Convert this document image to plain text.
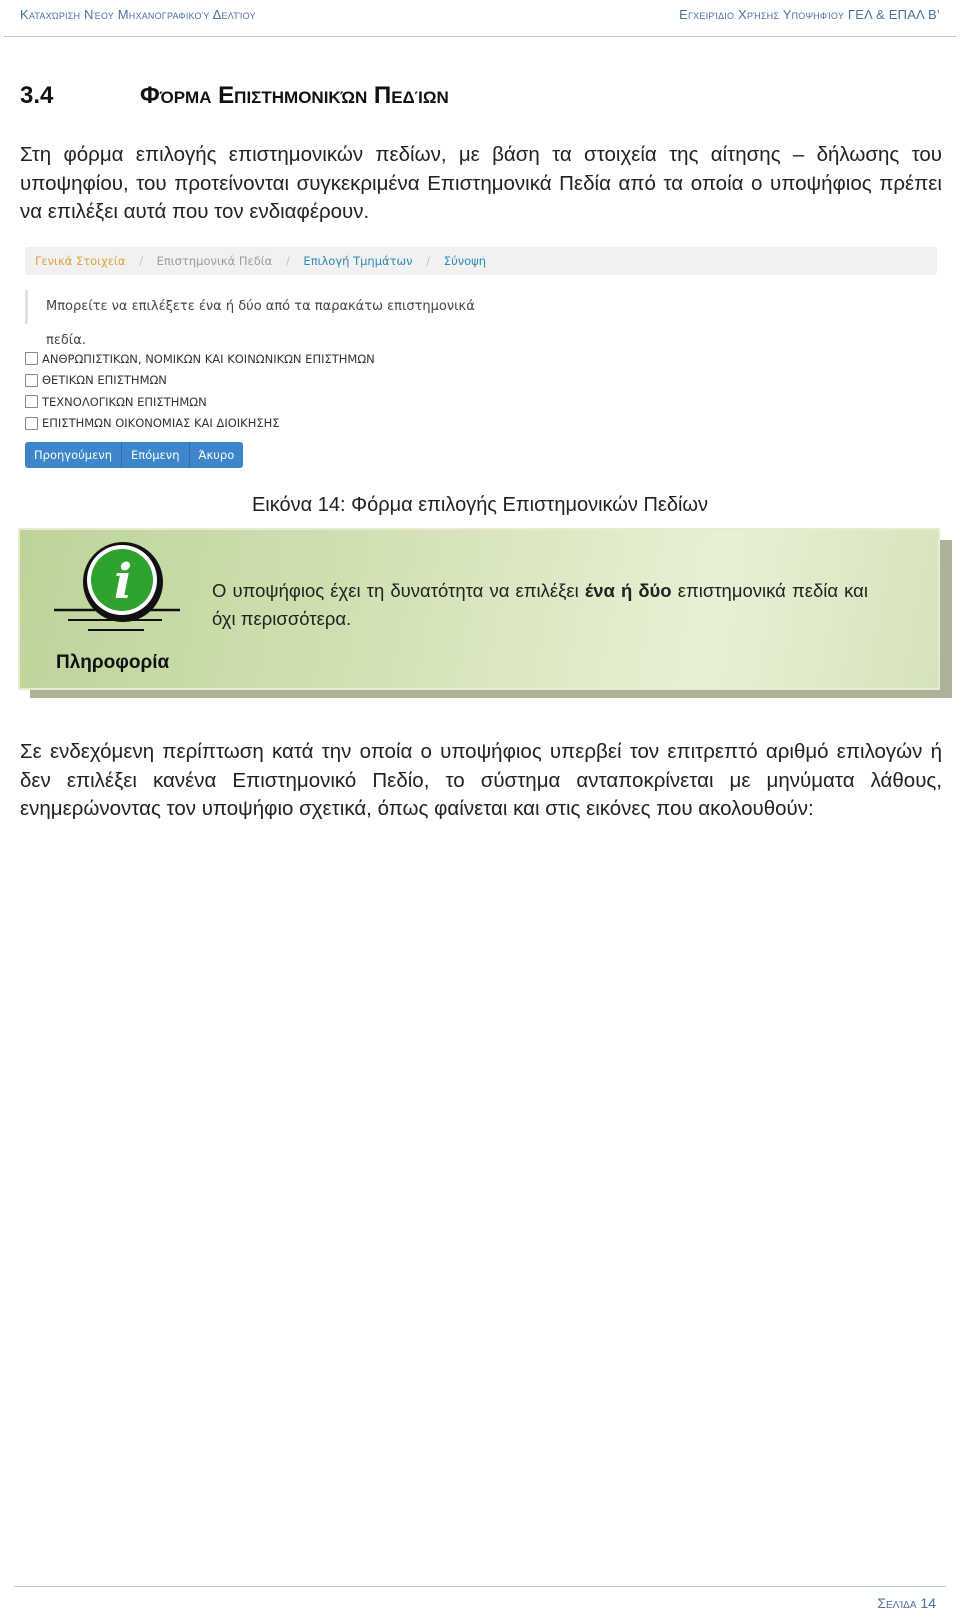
Καταχώριση Νέου Μηχανογραφικού Δελτίου	Εγχειρίδιο Χρήσης Υποψηφίου ΓΕΛ & ΕΠΑΛ Β’
3.4	Φόρμα Επιστημονικών Πεδίων
Στη φόρμα επιλογής επιστημονικών πεδίων, με βάση τα στοιχεία της αίτησης – δήλωσης του υποψηφίου, του προτείνονται συγκεκριμένα Επιστημονικά Πεδία από τα οποία ο υποψήφιος πρέπει να επιλέξει αυτά που τον ενδιαφέρουν.
Γενικά Στοιχεία / Επιστημονικά Πεδία / Επιλογή Τμημάτων / Σύνοψη
Μπορείτε να επιλέξετε ένα ή δύο από τα παρακάτω επιστημονικά πεδία.
ΑΝΘΡΩΠΙΣΤΙΚΩΝ, ΝΟΜΙΚΩΝ ΚΑΙ ΚΟΙΝΩΝΙΚΩΝ ΕΠΙΣΤΗΜΩΝ
ΘΕΤΙΚΩΝ ΕΠΙΣΤΗΜΩΝ
ΤΕΧΝΟΛΟΓΙΚΩΝ ΕΠΙΣΤΗΜΩΝ
ΕΠΙΣΤΗΜΩΝ ΟΙΚΟΝΟΜΙΑΣ ΚΑΙ ΔΙΟΙΚΗΣΗΣ
Προηγούμενη	Επόμενη	Άκυρο
Εικόνα 14: Φόρμα επιλογής Επιστημονικών Πεδίων
i
Πληροφορία
Ο υποψήφιος έχει τη δυνατότητα να επιλέξει ένα ή δύο επιστημονικά πεδία και όχι περισσότερα.
Σε ενδεχόμενη περίπτωση κατά την οποία ο υποψήφιος υπερβεί τον επιτρεπτό αριθμό επιλογών ή δεν επιλέξει κανένα Επιστημονικό Πεδίο, το σύστημα ανταποκρίνεται με μηνύματα λάθους, ενημερώνοντας τον υποψήφιο σχετικά, όπως φαίνεται και στις εικόνες που ακολουθούν:
Σελίδα 14
